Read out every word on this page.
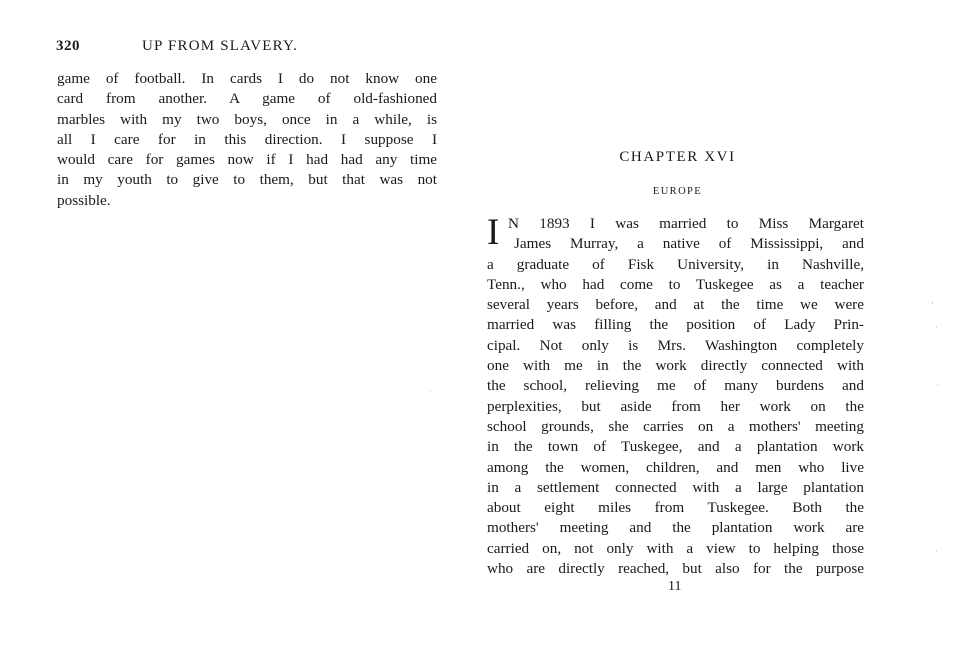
320	UP FROM SLAVERY.
game of football. In cards I do not know one
card from another. A game of old-fashioned
marbles with my two boys, once in a while, is
all I care for in this direction. I suppose I
would care for games now if I had had any time
in my youth to give to them, but that was not
possible.
CHAPTER XVI
EUROPE
I N 1893 I was married to Miss Margaret
James Murray, a native of Mississippi, and
a graduate of Fisk University, in Nashville,
Tenn., who had come to Tuskegee as a teacher
several years before, and at the time we were
married was filling the position of Lady Prin-
cipal. Not only is Mrs. Washington completely
one with me in the work directly connected with
the school, relieving me of many burdens and
perplexities, but aside from her work on the
school grounds, she carries on a mothers' meeting
in the town of Tuskegee, and a plantation work
among the women, children, and men who live
in a settlement connected with a large plantation
about eight miles from Tuskegee. Both the
mothers' meeting and the plantation work are
carried on, not only with a view to helping those
who are directly reached, but also for the purpose
11
‘
·
·
·
·
